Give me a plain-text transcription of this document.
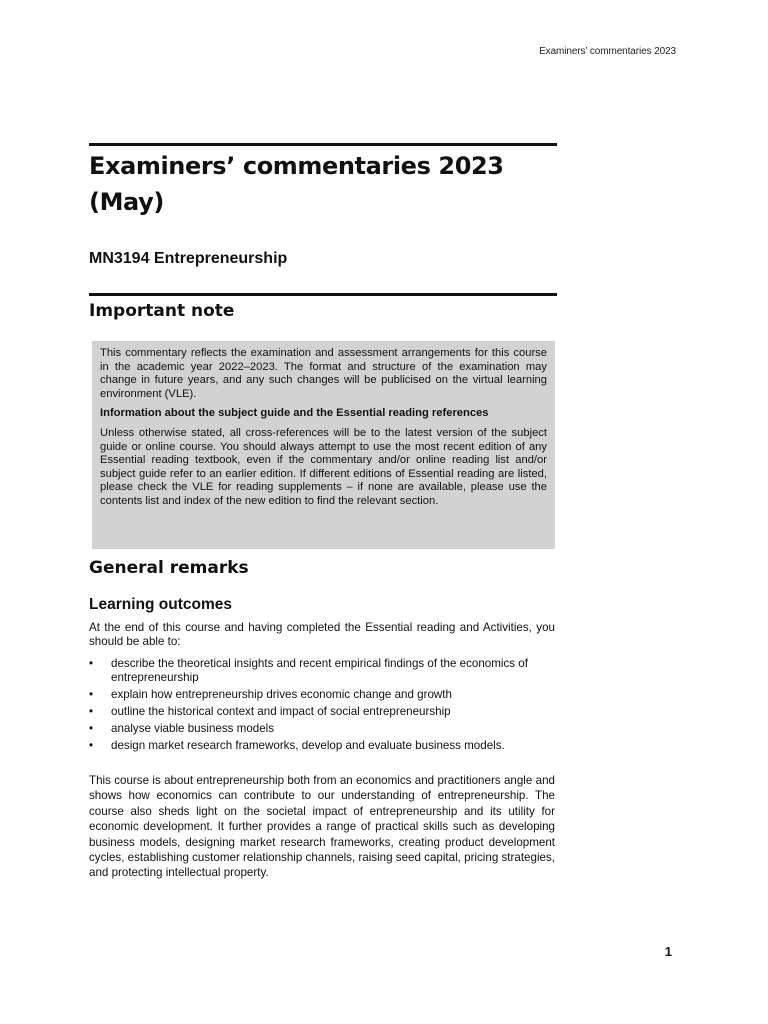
Examiners’ commentaries 2023
Examiners’ commentaries 2023 (May)
MN3194 Entrepreneurship
Important note

This commentary reflects the examination and assessment arrangements for this course in the academic year 2022–2023. The format and structure of the examination may change in future years, and any such changes will be publicised on the virtual learning environment (VLE).

Information about the subject guide and the Essential reading references

Unless otherwise stated, all cross-references will be to the latest version of the subject guide or online course. You should always attempt to use the most recent edition of any Essential reading textbook, even if the commentary and/or online reading list and/or subject guide refer to an earlier edition. If different editions of Essential reading are listed, please check the VLE for reading supplements – if none are available, please use the contents list and index of the new edition to find the relevant section.

General remarks
Learning outcomes

At the end of this course and having completed the Essential reading and Activities, you should be able to:

• describe the theoretical insights and recent empirical findings of the economics of entrepreneurship
• explain how entrepreneurship drives economic change and growth
• outline the historical context and impact of social entrepreneurship
• analyse viable business models
• design market research frameworks, develop and evaluate business models.

This course is about entrepreneurship both from an economics and practitioners angle and shows how economics can contribute to our understanding of entrepreneurship. The course also sheds light on the societal impact of entrepreneurship and its utility for economic development. It further provides a range of practical skills such as developing business models, designing market research frameworks, creating product development cycles, establishing customer relationship channels, raising seed capital, pricing strategies, and protecting intellectual property.

1
